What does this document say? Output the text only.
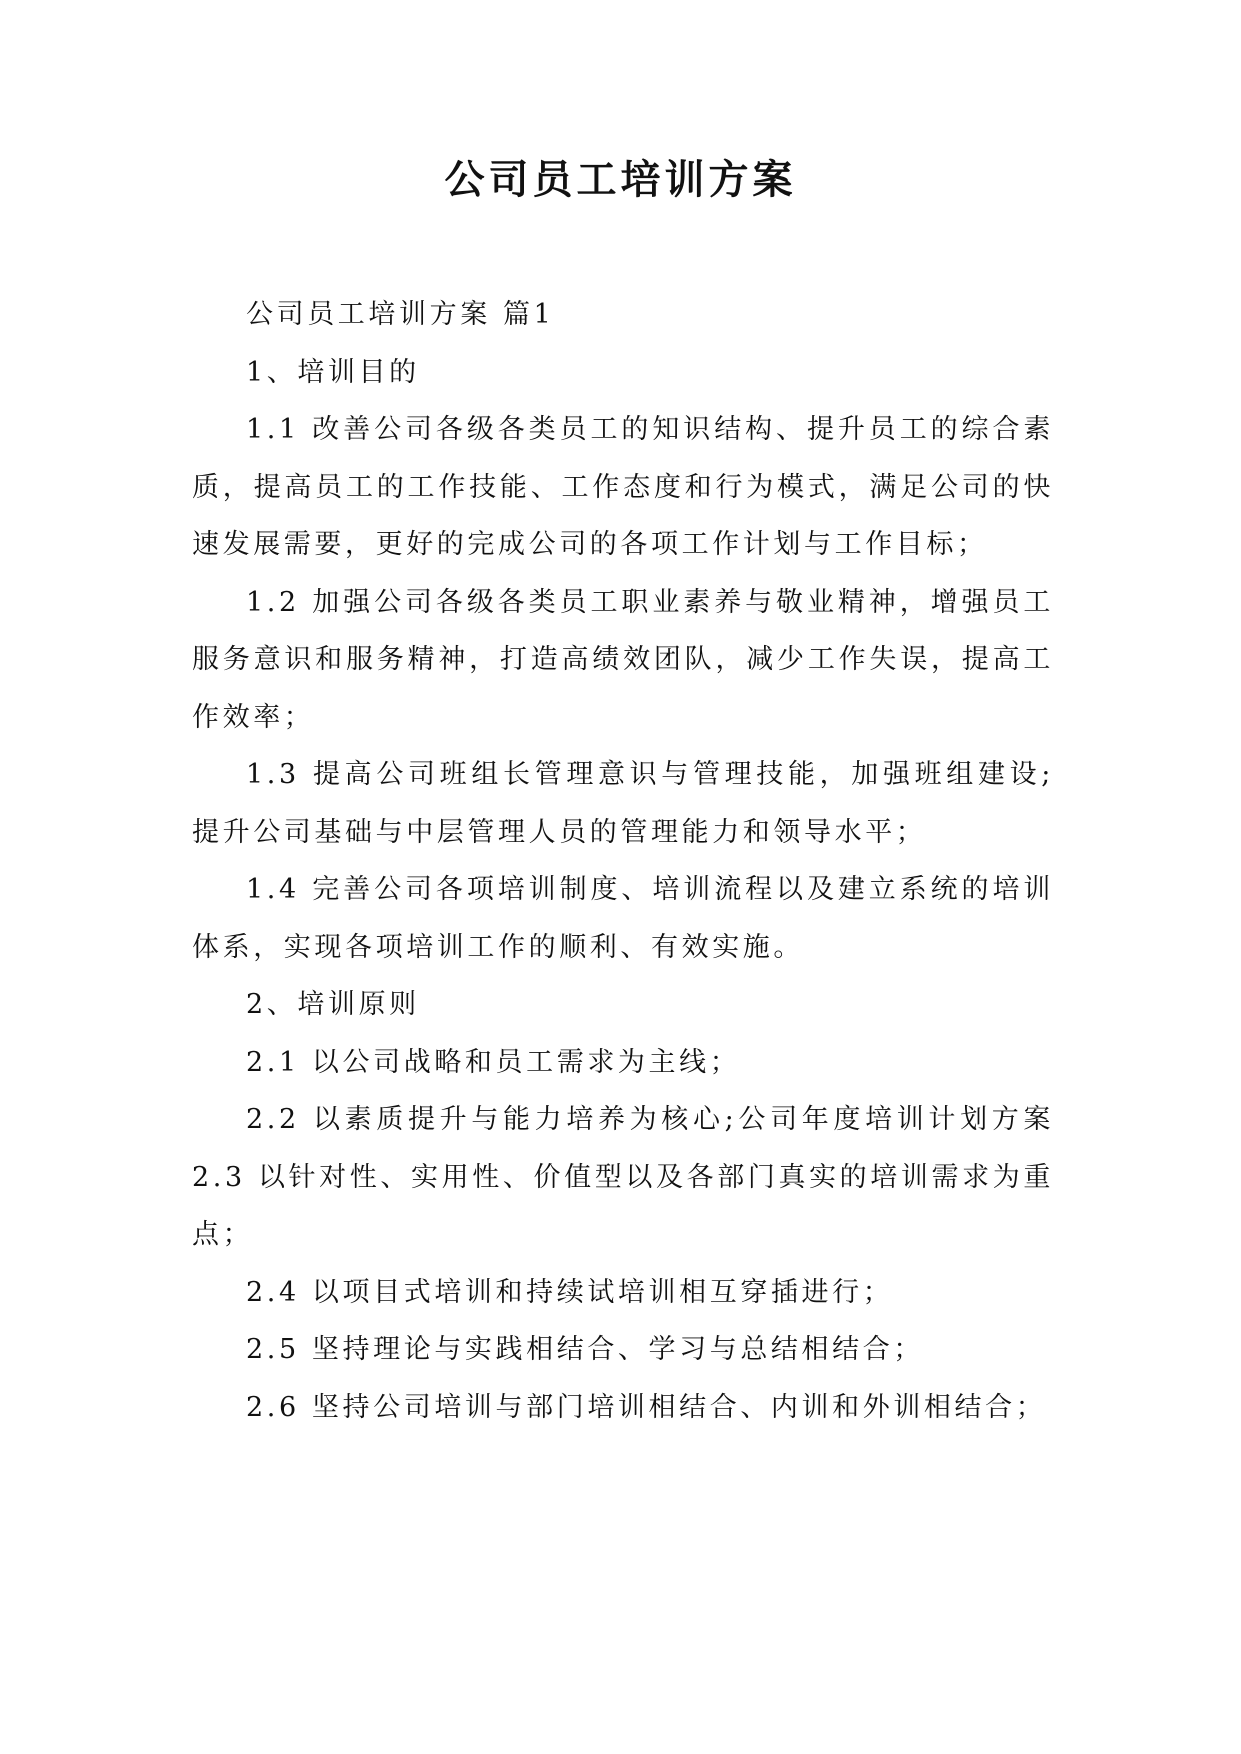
公司员工培训方案

公司员工培训方案 篇1

1、培训目的

1.1 改善公司各级各类员工的知识结构、提升员工的综合素质，提高员工的工作技能、工作态度和行为模式，满足公司的快速发展需要，更好的完成公司的各项工作计划与工作目标；

1.2 加强公司各级各类员工职业素养与敬业精神，增强员工服务意识和服务精神，打造高绩效团队，减少工作失误，提高工作效率；

1.3 提高公司班组长管理意识与管理技能，加强班组建设;提升公司基础与中层管理人员的管理能力和领导水平；

1.4 完善公司各项培训制度、培训流程以及建立系统的培训体系，实现各项培训工作的顺利、有效实施。

2、培训原则

2.1 以公司战略和员工需求为主线；

2.2 以素质提升与能力培养为核心;公司年度培训计划方案 2.3 以针对性、实用性、价值型以及各部门真实的培训需求为重点；

2.4 以项目式培训和持续试培训相互穿插进行；

2.5 坚持理论与实践相结合、学习与总结相结合；

2.6 坚持公司培训与部门培训相结合、内训和外训相结合；
